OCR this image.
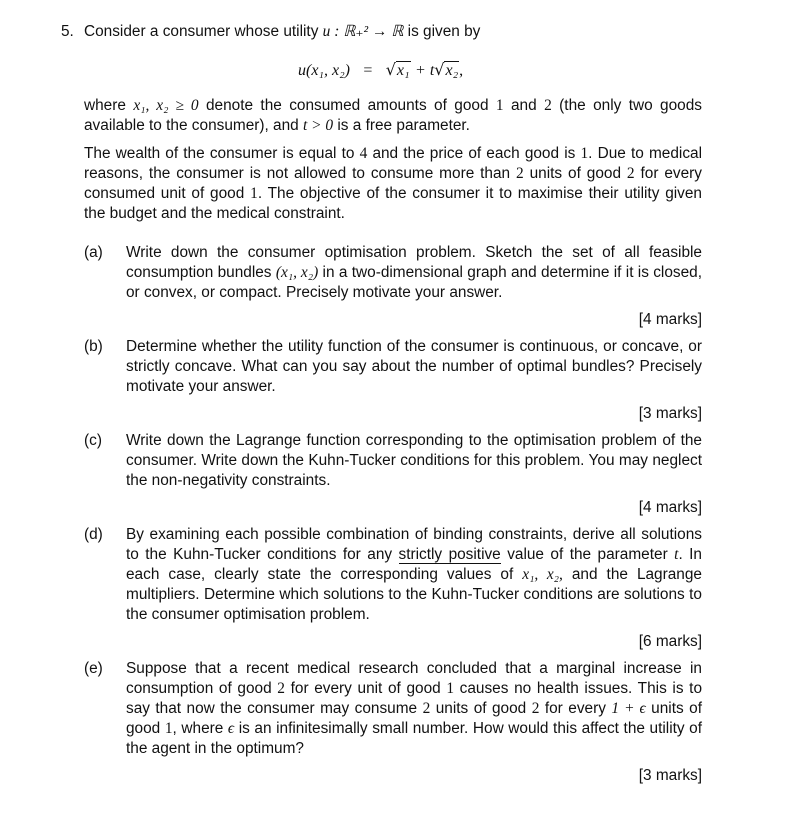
5. Consider a consumer whose utility u : ℝ₊² → ℝ is given by
u(x₁, x₂) = √x₁ + t√x₂,
where x₁, x₂ ≥ 0 denote the consumed amounts of good 1 and 2 (the only two goods available to the consumer), and t > 0 is a free parameter.
The wealth of the consumer is equal to 4 and the price of each good is 1. Due to medical reasons, the consumer is not allowed to consume more than 2 units of good 2 for every consumed unit of good 1. The objective of the consumer it to maximise their utility given the budget and the medical constraint.
(a)	Write down the consumer optimisation problem. Sketch the set of all feasible consumption bundles (x₁, x₂) in a two-dimensional graph and determine if it is closed, or convex, or compact. Precisely motivate your answer.
[4 marks]
(b)	Determine whether the utility function of the consumer is continuous, or concave, or strictly concave. What can you say about the number of optimal bundles? Precisely motivate your answer.
[3 marks]
(c)	Write down the Lagrange function corresponding to the optimisation problem of the consumer. Write down the Kuhn-Tucker conditions for this problem. You may neglect the non-negativity constraints.
[4 marks]
(d)	By examining each possible combination of binding constraints, derive all solutions to the Kuhn-Tucker conditions for any strictly positive value of the parameter t. In each case, clearly state the corresponding values of x₁, x₂, and the Lagrange multipliers. Determine which solutions to the Kuhn-Tucker conditions are solutions to the consumer optimisation problem.
[6 marks]
(e)	Suppose that a recent medical research concluded that a marginal increase in consumption of good 2 for every unit of good 1 causes no health issues. This is to say that now the consumer may consume 2 units of good 2 for every 1 + ϵ units of good 1, where ϵ is an infinitesimally small number. How would this affect the utility of the agent in the optimum?
[3 marks]
